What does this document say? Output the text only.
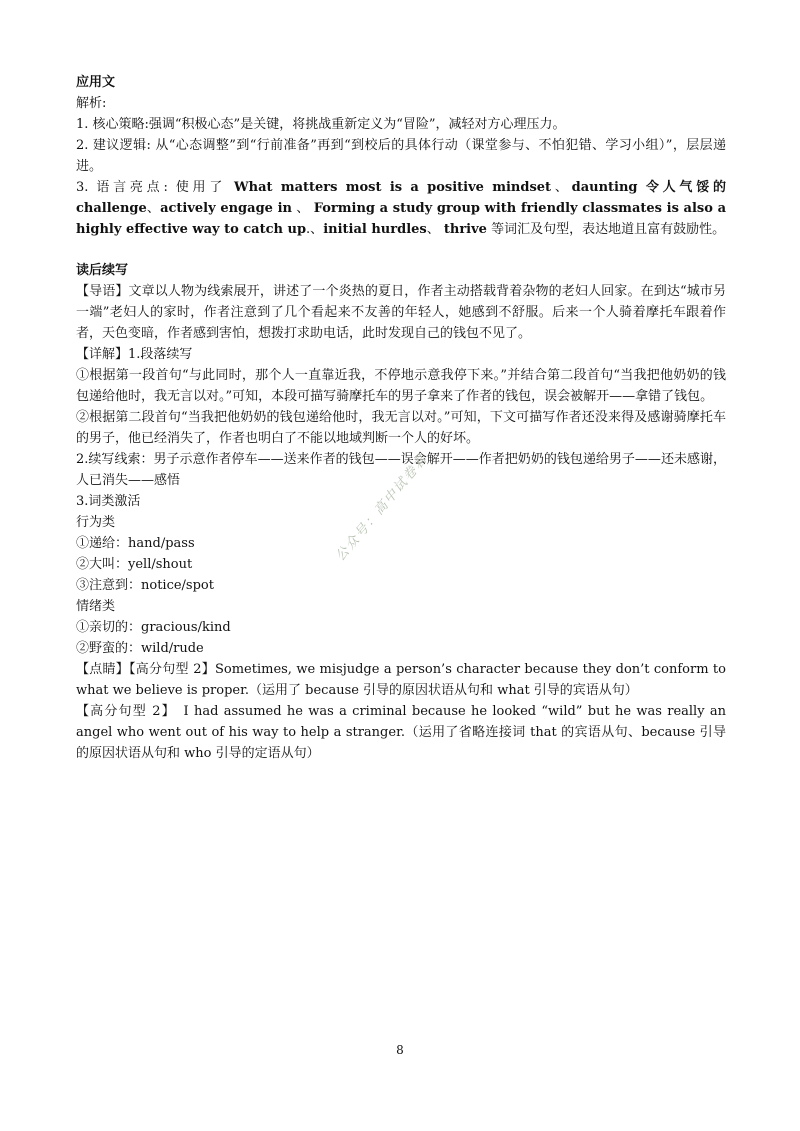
应用文

解析:

1. 核心策略:强调“积极心态”是关键，将挑战重新定义为“冒险”，减轻对方心理压力。

2. 建议逻辑: 从“心态调整”到“行前准备”再到“到校后的具体行动（课堂参与、不怕犯错、学习小组）”，层层递进。

3. 语言亮点: 使用了 What matters most is a positive mindset、daunting 令人气馁的 challenge、actively engage in 、 Forming a study group with friendly classmates is also a highly effective way to catch up.、initial hurdles、 thrive 等词汇及句型，表达地道且富有鼓励性。

读后续写

【导语】文章以人物为线索展开，讲述了一个炎热的夏日，作者主动搭载背着杂物的老妇人回家。在到达“城市另一端”老妇人的家时，作者注意到了几个看起来不友善的年轻人，她感到不舒服。后来一个人骑着摩托车跟着作者，天色变暗，作者感到害怕，想拨打求助电话，此时发现自己的钱包不见了。

【详解】1.段落续写

①根据第一段首句“与此同时，那个人一直靠近我，不停地示意我停下来。”并结合第二段首句“当我把他奶奶的钱包递给他时，我无言以对。”可知，本段可描写骑摩托车的男子拿来了作者的钱包，误会被解开——拿错了钱包。

②根据第二段首句“当我把他奶奶的钱包递给他时，我无言以对。”可知，下文可描写作者还没来得及感谢骑摩托车的男子，他已经消失了，作者也明白了不能以地域判断一个人的好坏。

2.续写线索：男子示意作者停车——送来作者的钱包——误会解开——作者把奶奶的钱包递给男子——还未感谢，人已消失——感悟

3.词类激活

行为类

①递给：hand/pass

②大叫：yell/shout

③注意到：notice/spot

情绪类

①亲切的：gracious/kind

②野蛮的：wild/rude

【点睛】【高分句型 2】Sometimes, we misjudge a person’s character because they don’t conform to what we believe is proper.（运用了 because 引导的原因状语从句和 what 引导的宾语从句）

【高分句型 2】　I had assumed he was a criminal because he looked “wild” but he was really an angel who went out of his way to help a stranger.（运用了省略连接词 that 的宾语从句、because 引导的原因状语从句和 who 引导的定语从句）

公众号：高中试卷君
8
